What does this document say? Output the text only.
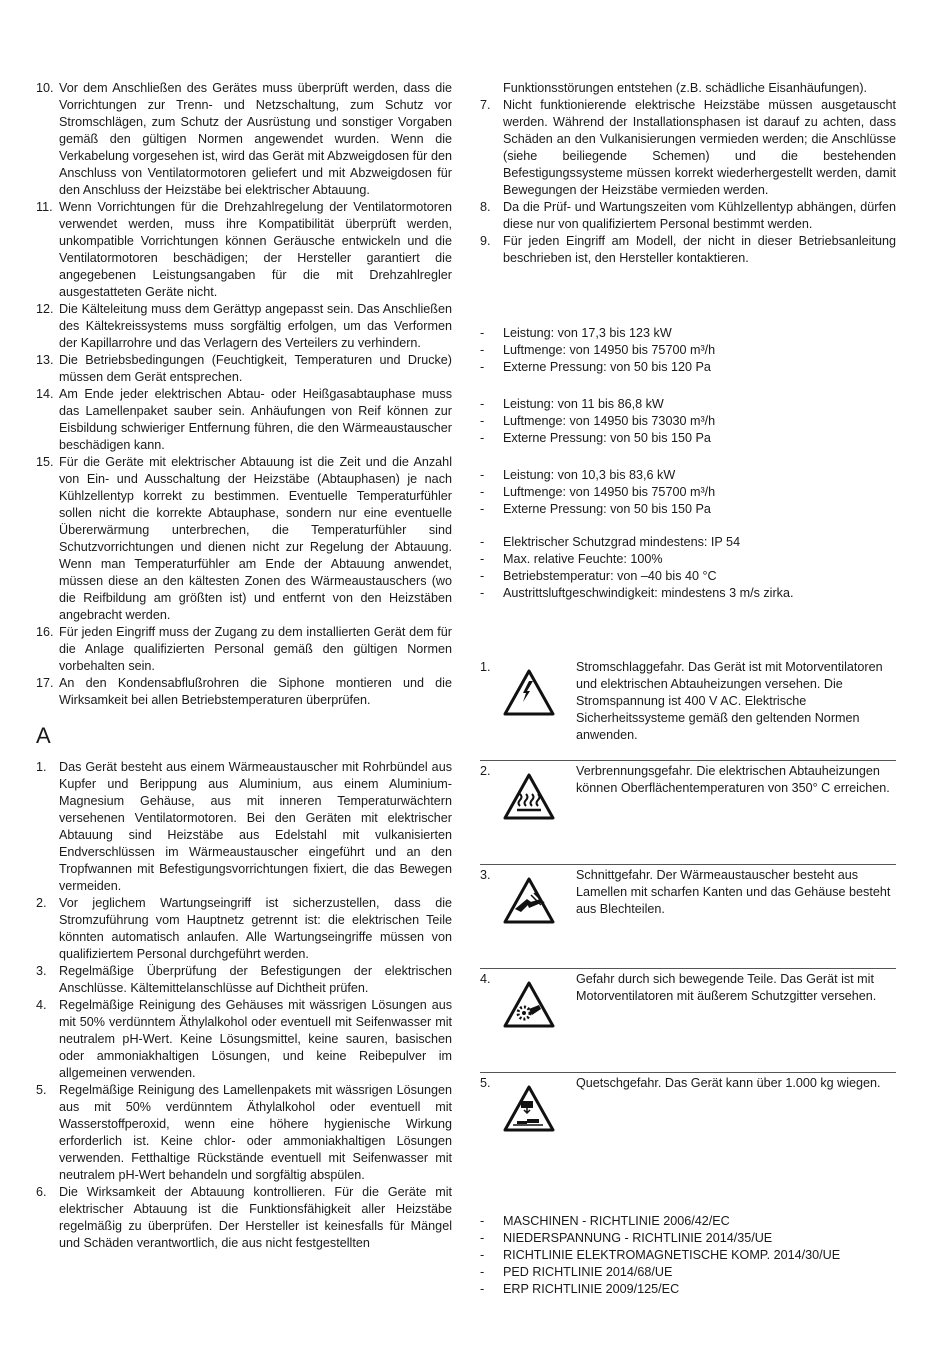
10. Vor dem Anschließen des Gerätes muss überprüft werden, dass die Vorrichtungen zur Trenn- und Netzschaltung, zum Schutz vor Stromschlägen, zum Schutz der Ausrüstung und sonstiger Vorgaben gemäß den gültigen Normen angewendet wurden. Wenn die Verkabelung vorgesehen ist, wird das Gerät mit Abzweigdosen für den Anschluss von Ventilatormotoren geliefert und mit Abzweigdosen für den Anschluss der Heizstäbe bei elektrischer Abtauung.
11. Wenn Vorrichtungen für die Drehzahlregelung der Ventilatormotoren verwendet werden, muss ihre Kompatibilität überprüft werden, unkompatible Vorrichtungen können Geräusche entwickeln und die Ventilatormotoren beschädigen; der Hersteller garantiert die angegebenen Leistungsangaben für die mit Drehzahlregler ausgestatteten Geräte nicht.
12. Die Kälteleitung muss dem Gerättyp angepasst sein. Das Anschließen des Kältekreissystems muss sorgfältig erfolgen, um das Verformen der Kapillarrohre und das Verlagern des Verteilers zu verhindern.
13. Die Betriebsbedingungen (Feuchtigkeit, Temperaturen und Drucke) müssen dem Gerät entsprechen.
14. Am Ende jeder elektrischen Abtau- oder Heißgasabtauphase muss das Lamellenpaket sauber sein. Anhäufungen von Reif können zur Eisbildung schwieriger Entfernung führen, die den Wärmeaustauscher beschädigen kann.
15. Für die Geräte mit elektrischer Abtauung ist die Zeit und die Anzahl von Ein- und Ausschaltung der Heizstäbe (Abtauphasen) je nach Kühlzellentyp korrekt zu bestimmen. Eventuelle Temperaturfühler sollen nicht die korrekte Abtauphase, sondern nur eine eventuelle Übererwärmung unterbrechen, die Temperaturfühler sind Schutzvorrichtungen und dienen nicht zur Regelung der Abtauung. Wenn man Temperaturfühler am Ende der Abtauung anwendet, müssen diese an den kältesten Zonen des Wärmeaustauschers (wo die Reifbildung am größten ist) und entfernt von den Heizstäben angebracht werden.
16. Für jeden Eingriff muss der Zugang zu dem installierten Gerät dem für die Anlage qualifizierten Personal gemäß den gültigen Normen vorbehalten sein.
17. An den Kondensabflußrohren die Siphone montieren und die Wirksamkeit bei allen Betriebstemperaturen überprüfen.
A
1. Das Gerät besteht aus einem Wärmeaustauscher mit Rohrbündel aus Kupfer und Berippung aus Aluminium, aus einem Aluminium-Magnesium Gehäuse, aus mit inneren Temperaturwächtern versehenen Ventilatormotoren. Bei den Geräten mit elektrischer Abtauung sind Heizstäbe aus Edelstahl mit vulkanisierten Endverschlüssen im Wärmeaustauscher eingeführt und an den Tropfwannen mit Befestigungsvorrichtungen fixiert, die das Bewegen vermeiden.
2. Vor jeglichem Wartungseingriff ist sicherzustellen, dass die Stromzuführung vom Hauptnetz getrennt ist: die elektrischen Teile könnten automatisch anlaufen. Alle Wartungseingriffe müssen von qualifiziertem Personal durchgeführt werden.
3. Regelmäßige Überprüfung der Befestigungen der elektrischen Anschlüsse. Kältemittelanschlüsse auf Dichtheit prüfen.
4. Regelmäßige Reinigung des Gehäuses mit wässrigen Lösungen aus mit 50% verdünntem Äthylalkohol oder eventuell mit Seifenwasser mit neutralem pH-Wert. Keine Lösungsmittel, keine sauren, basischen oder ammoniakhaltigen Lösungen, und keine Reibepulver im allgemeinen verwenden.
5. Regelmäßige Reinigung des Lamellenpakets mit wässrigen Lösungen aus mit 50% verdünntem Äthylalkohol oder eventuell mit Wasserstoffperoxid, wenn eine höhere hygienische Wirkung erforderlich ist. Keine chlor- oder ammoniakhaltigen Lösungen verwenden. Fetthaltige Rückstände eventuell mit Seifenwasser mit neutralem pH-Wert behandeln und sorgfältig abspülen.
6. Die Wirksamkeit der Abtauung kontrollieren. Für die Geräte mit elektrischer Abtauung ist die Funktionsfähigkeit aller Heizstäbe regelmäßig zu überprüfen. Der Hersteller ist keinesfalls für Mängel und Schäden verantwortlich, die aus nicht festgestellten
Funktionsstörungen entstehen (z.B. schädliche Eisanhäufungen).
7. Nicht funktionierende elektrische Heizstäbe müssen ausgetauscht werden. Während der Installationsphasen ist darauf zu achten, dass Schäden an den Vulkanisierungen vermieden werden; die Anschlüsse (siehe beiliegende Schemen) und die bestehenden Befestigungssysteme müssen korrekt wiederhergestellt werden, damit Bewegungen der Heizstäbe vermieden werden.
8. Da die Prüf- und Wartungszeiten vom Kühlzellentyp abhängen, dürfen diese nur von qualifiziertem Personal bestimmt werden.
9. Für jeden Eingriff am Modell, der nicht in dieser Betriebsanleitung beschrieben ist, den Hersteller kontaktieren.
-	Leistung: von 17,3 bis 123 kW
-	Luftmenge: von 14950 bis 75700 m³/h
-	Externe Pressung: von 50 bis 120 Pa
-	Leistung: von 11 bis 86,8 kW
-	Luftmenge: von 14950 bis 73030 m³/h
-	Externe Pressung: von 50 bis 150 Pa
-	Leistung: von 10,3 bis 83,6 kW
-	Luftmenge: von 14950 bis 75700 m³/h
-	Externe Pressung: von 50 bis 150 Pa
-	Elektrischer Schutzgrad mindestens: IP 54
-	Max. relative Feuchte: 100%
-	Betriebstemperatur: von –40 bis 40 °C
-	Austrittsluftgeschwindigkeit: mindestens 3 m/s zirka.
1.	Stromschlaggefahr. Das Gerät ist mit Motorventilatoren und elektrischen Abtauheizungen versehen. Die Stromspannung ist 400 V AC. Elektrische Sicherheitssysteme gemäß den geltenden Normen anwenden.
2.	Verbrennungsgefahr. Die elektrischen Abtauheizungen können Oberflächentemperaturen von 350° C erreichen.
3.	Schnittgefahr. Der Wärmeaustauscher besteht aus Lamellen mit scharfen Kanten und das Gehäuse besteht aus Blechteilen.
4.	Gefahr durch sich bewegende Teile. Das Gerät ist mit Motorventilatoren mit äußerem Schutzgitter versehen.
5.	Quetschgefahr. Das Gerät kann über 1.000 kg wiegen.
-	MASCHINEN - RICHTLINIE 2006/42/EC
-	NIEDERSPANNUNG - RICHTLINIE 2014/35/UE
-	RICHTLINIE ELEKTROMAGNETISCHE KOMP. 2014/30/UE
-	PED RICHTLINIE 2014/68/UE
-	ERP RICHTLINIE 2009/125/EC
